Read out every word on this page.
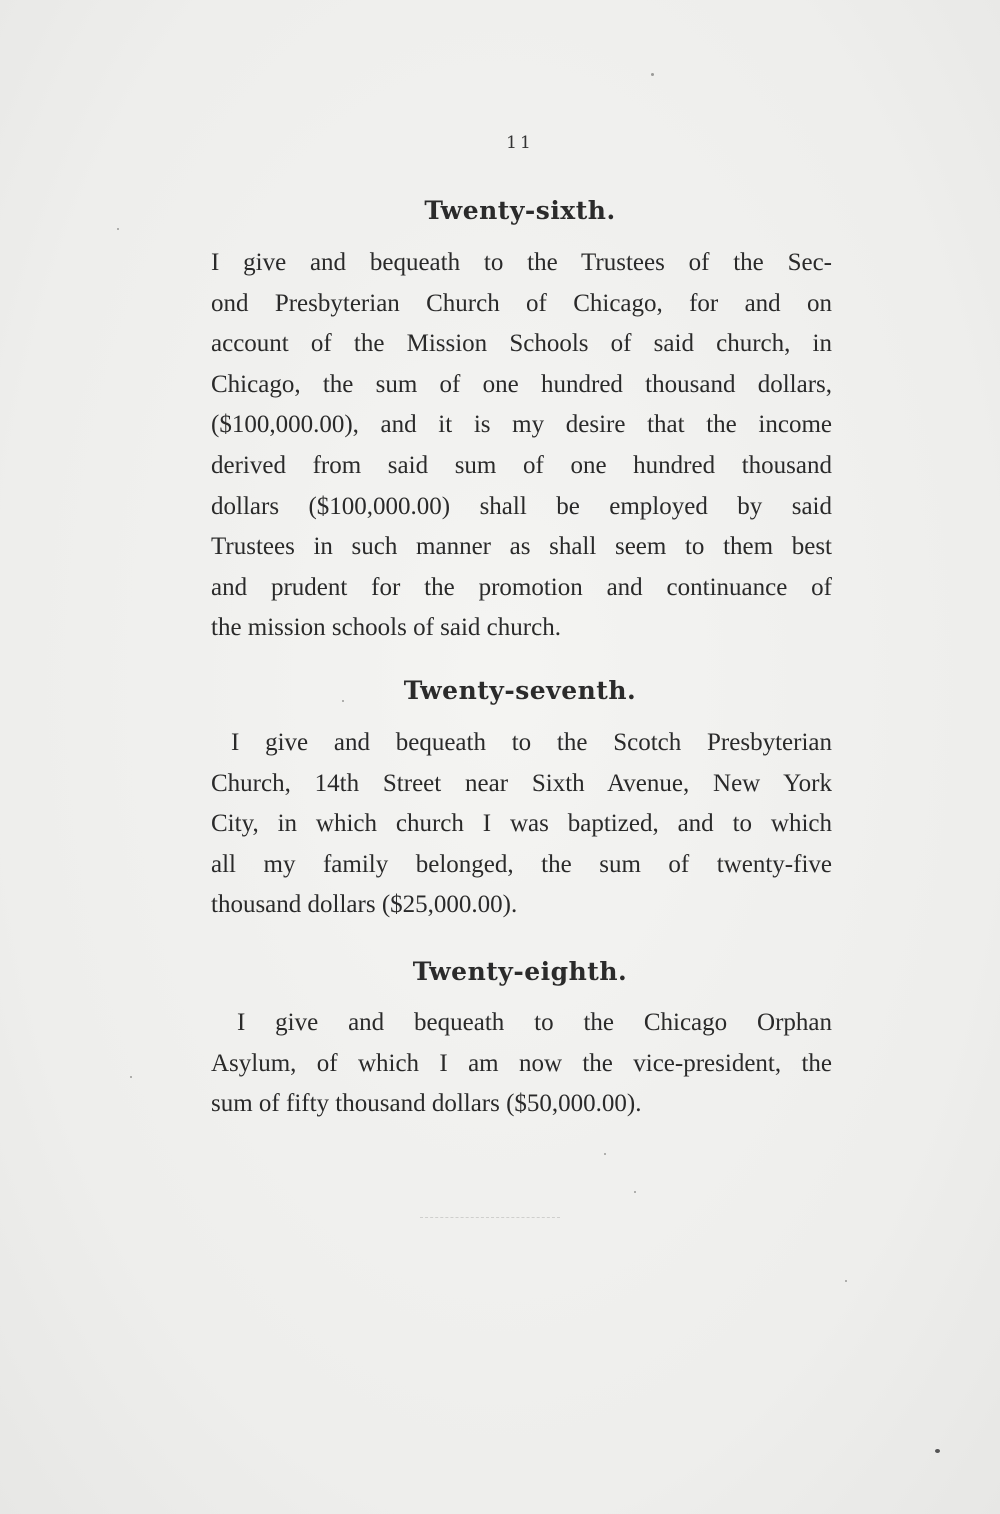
11
Twenty-sixth.
I give and bequeath to the Trustees of the Sec-
ond Presbyterian Church of Chicago, for and on
account of the Mission Schools of said church, in
Chicago, the sum of one hundred thousand dollars,
($100,000.00), and it is my desire that the income
derived from said sum of one hundred thousand
dollars ($100,000.00) shall be employed by said
Trustees in such manner as shall seem to them best
and prudent for the promotion and continuance of
the mission schools of said church.
Twenty-seventh.
I give and bequeath to the Scotch Presbyterian
Church, 14th Street near Sixth Avenue, New York
City, in which church I was baptized, and to which
all my family belonged, the sum of twenty-five
thousand dollars ($25,000.00).
Twenty-eighth.
I give and bequeath to the Chicago Orphan
Asylum, of which I am now the vice-president, the
sum of fifty thousand dollars ($50,000.00).
